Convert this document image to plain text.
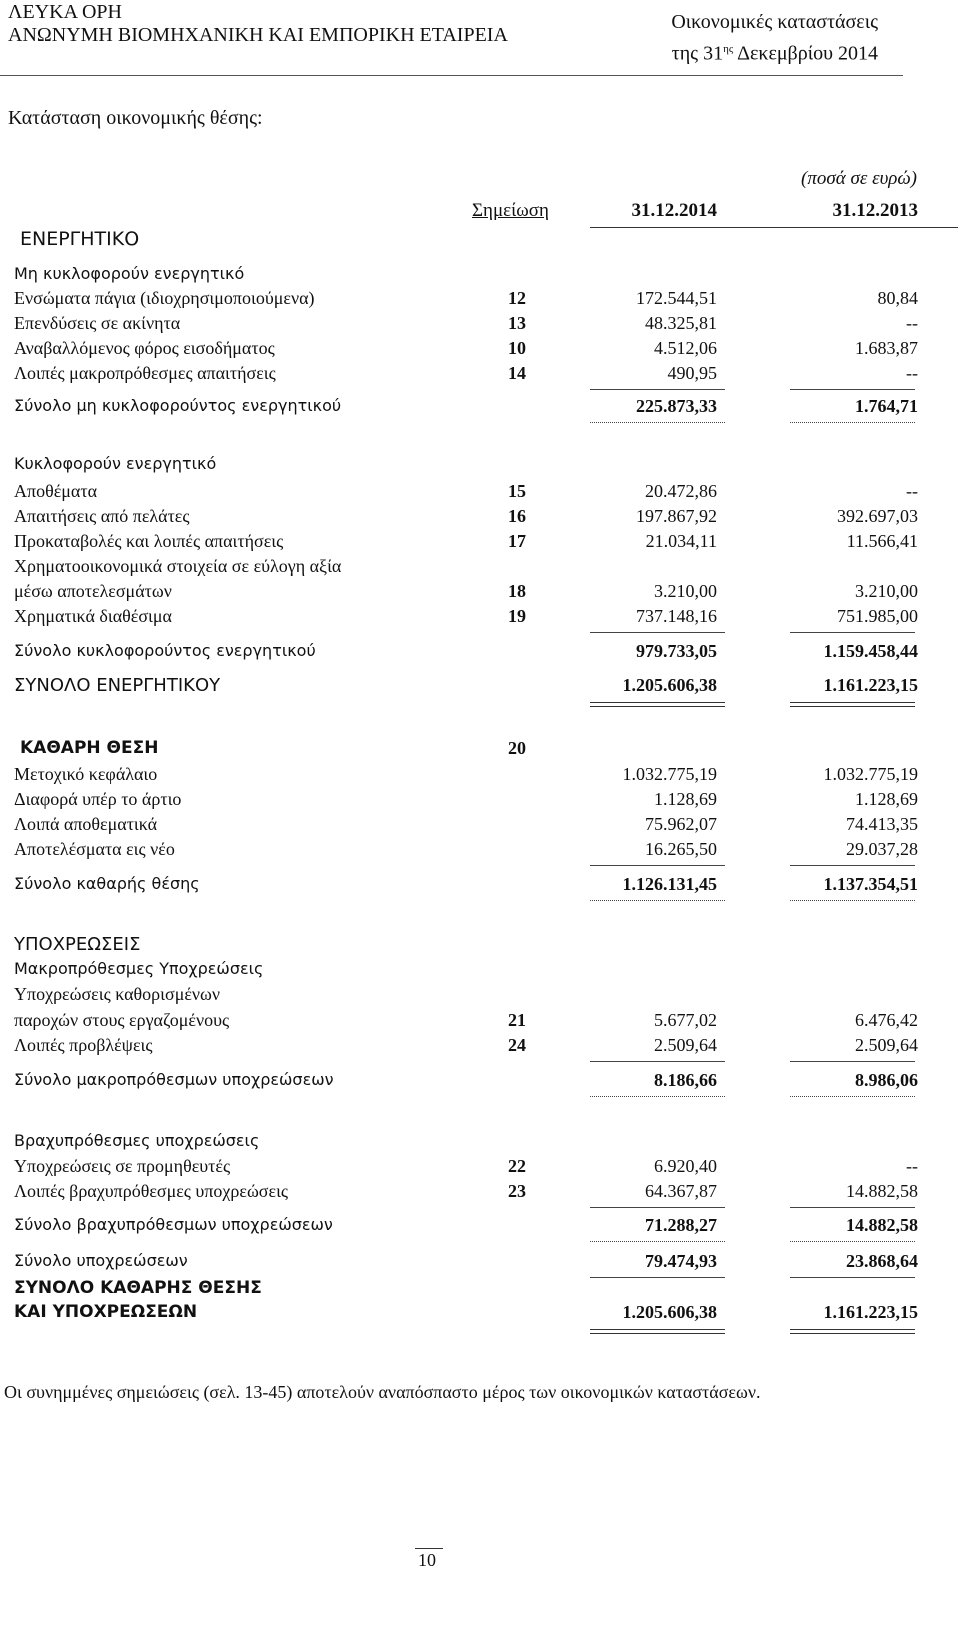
ΛΕΥΚΑ ΟΡΗ
ΑΝΩΝΥΜΗ ΒΙΟΜΗΧΑΝΙΚΗ ΚΑΙ ΕΜΠΟΡΙΚΗ ΕΤΑΙΡΕΙΑ
Οικονομικές καταστάσεις
της $31^{\eta\varsigma}$ Δεκεμβρίου 2014
Κατάσταση οικονομικής θέσης:
(ποσά σε ευρώ)
Σημείωση	31.12.2014	31.12.2013
ΕΝΕΡΓΗΤΙΚΟ
Μη κυκλοφορούν ενεργητικό
Ενσώματα πάγια (ιδιοχρησιμοποιούμενα)	12	172.544,51	80,84
Επενδύσεις σε ακίνητα	13	48.325,81	--
Αναβαλλόμενος φόρος εισοδήματος	10	4.512,06	1.683,87
Λοιπές μακροπρόθεσμες απαιτήσεις	14	490,95	--
Σύνολο μη κυκλοφορούντος ενεργητικού	225.873,33	1.764,71
Κυκλοφορούν ενεργητικό
Αποθέματα	15	20.472,86	--
Απαιτήσεις από πελάτες	16	197.867,92	392.697,03
Προκαταβολές και λοιπές απαιτήσεις	17	21.034,11	11.566,41
Χρηματοοικονομικά στοιχεία σε εύλογη αξία
μέσω αποτελεσμάτων	18	3.210,00	3.210,00
Χρηματικά διαθέσιμα	19	737.148,16	751.985,00
Σύνολο κυκλοφορούντος ενεργητικού	979.733,05	1.159.458,44
ΣΥΝΟΛΟ ΕΝΕΡΓΗΤΙΚΟΥ	1.205.606,38	1.161.223,15
ΚΑΘΑΡΗ ΘΕΣΗ	20
Μετοχικό κεφάλαιο	1.032.775,19	1.032.775,19
Διαφορά υπέρ το άρτιο	1.128,69	1.128,69
Λοιπά αποθεματικά	75.962,07	74.413,35
Αποτελέσματα εις νέο	16.265,50	29.037,28
Σύνολο καθαρής θέσης	1.126.131,45	1.137.354,51
ΥΠΟΧΡΕΩΣΕΙΣ
Μακροπρόθεσμες Υποχρεώσεις
Υποχρεώσεις καθορισμένων
παροχών στους εργαζομένους	21	5.677,02	6.476,42
Λοιπές προβλέψεις	24	2.509,64	2.509,64
Σύνολο μακροπρόθεσμων υποχρεώσεων	8.186,66	8.986,06
Βραχυπρόθεσμες υποχρεώσεις
Υποχρεώσεις σε προμηθευτές	22	6.920,40	--
Λοιπές βραχυπρόθεσμες υποχρεώσεις	23	64.367,87	14.882,58
Σύνολο βραχυπρόθεσμων υποχρεώσεων	71.288,27	14.882,58
Σύνολο υποχρεώσεων	79.474,93	23.868,64
ΣΥΝΟΛΟ ΚΑΘΑΡΗΣ ΘΕΣΗΣ
ΚΑΙ ΥΠΟΧΡΕΩΣΕΩΝ	1.205.606,38	1.161.223,15
Οι συνημμένες σημειώσεις (σελ. 13-45) αποτελούν αναπόσπαστο μέρος των οικονομικών καταστάσεων.
10
